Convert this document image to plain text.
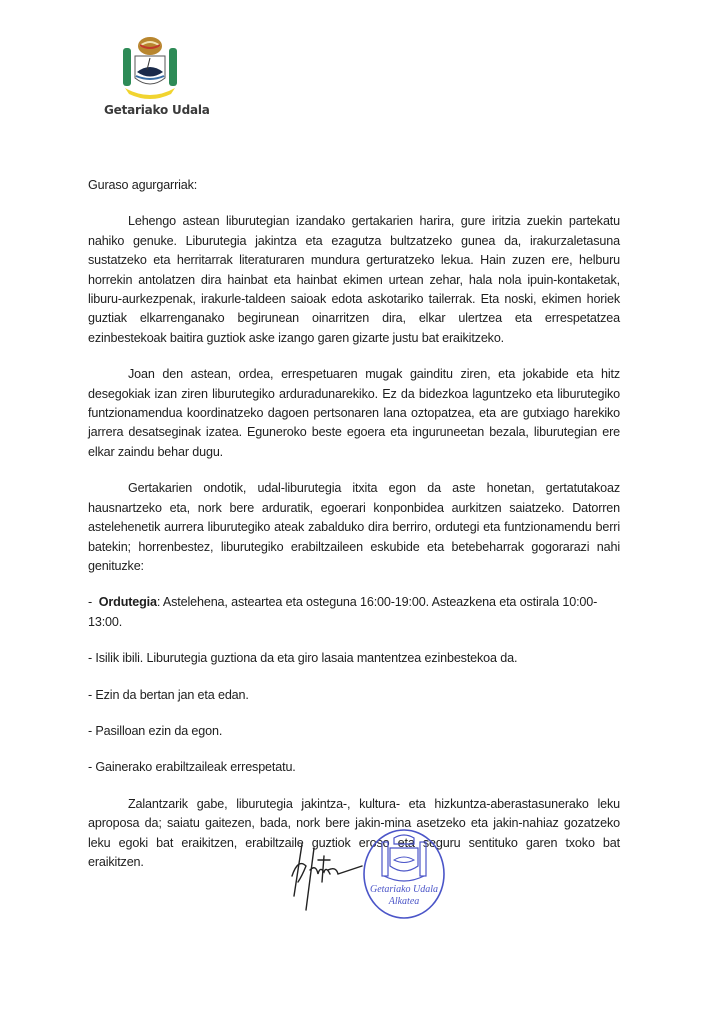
Getariako Udala
Guraso agurgarriak:

Lehengo astean liburutegian izandako gertakarien harira, gure iritzia zuekin partekatu nahiko genuke. Liburutegia jakintza eta ezagutza bultzatzeko gunea da, irakurzaletasuna sustatzeko eta herritarrak literaturaren mundura gerturatzeko lekua. Hain zuzen ere, helburu horrekin antolatzen dira hainbat eta hainbat ekimen urtean zehar, hala nola ipuin-kontaketak, liburu-aurkezpenak, irakurle-taldeen saioak edota askotariko tailerrak. Eta noski, ekimen horiek guztiak elkarrenganako begirunean oinarritzen dira, elkar ulertzea eta errespetatzea ezinbestekoak baitira guztiok aske izango garen gizarte justu bat eraikitzeko.

Joan den astean, ordea, errespetuaren mugak gainditu ziren, eta jokabide eta hitz desegokiak izan ziren liburutegiko arduradunarekiko. Ez da bidezkoa laguntzeko eta liburutegiko funtzionamendua koordinatzeko dagoen pertsonaren lana oztopatzea, eta are gutxiago harekiko jarrera desatseginak izatea. Eguneroko beste egoera eta inguruneetan bezala, liburutegian ere elkar zaindu behar dugu.

Gertakarien ondotik, udal-liburutegia itxita egon da aste honetan, gertatutakoaz hausnartzeko eta, nork bere arduratik, egoerari konponbidea aurkitzen saiatzeko. Datorren astelehenetik aurrera liburutegiko ateak zabalduko dira berriro, ordutegi eta funtzionamendu berri batekin; horrenbestez, liburutegiko erabiltzaileen eskubide eta betebeharrak gogorarazi nahi genituzke:

-  Ordutegia: Astelehena, asteartea eta osteguna 16:00-19:00. Asteazkena eta ostirala 10:00-13:00.

- Isilik ibili. Liburutegia guztiona da eta giro lasaia mantentzea ezinbestekoa da.

- Ezin da bertan jan eta edan.

- Pasilloan ezin da egon.

- Gainerako erabiltzaileak errespetatu.

Zalantzarik gabe, liburutegia jakintza-, kultura- eta hizkuntza-aberastasunerako leku aproposa da; saiatu gaitezen, bada, nork bere jakin-mina asetzeko eta jakin-nahiaz gozatzeko leku egoki bat eraikitzen, erabiltzaile guztiok eroso eta seguru sentituko garen txoko bat eraikitzen.

Getariako Udala
Alkatea
